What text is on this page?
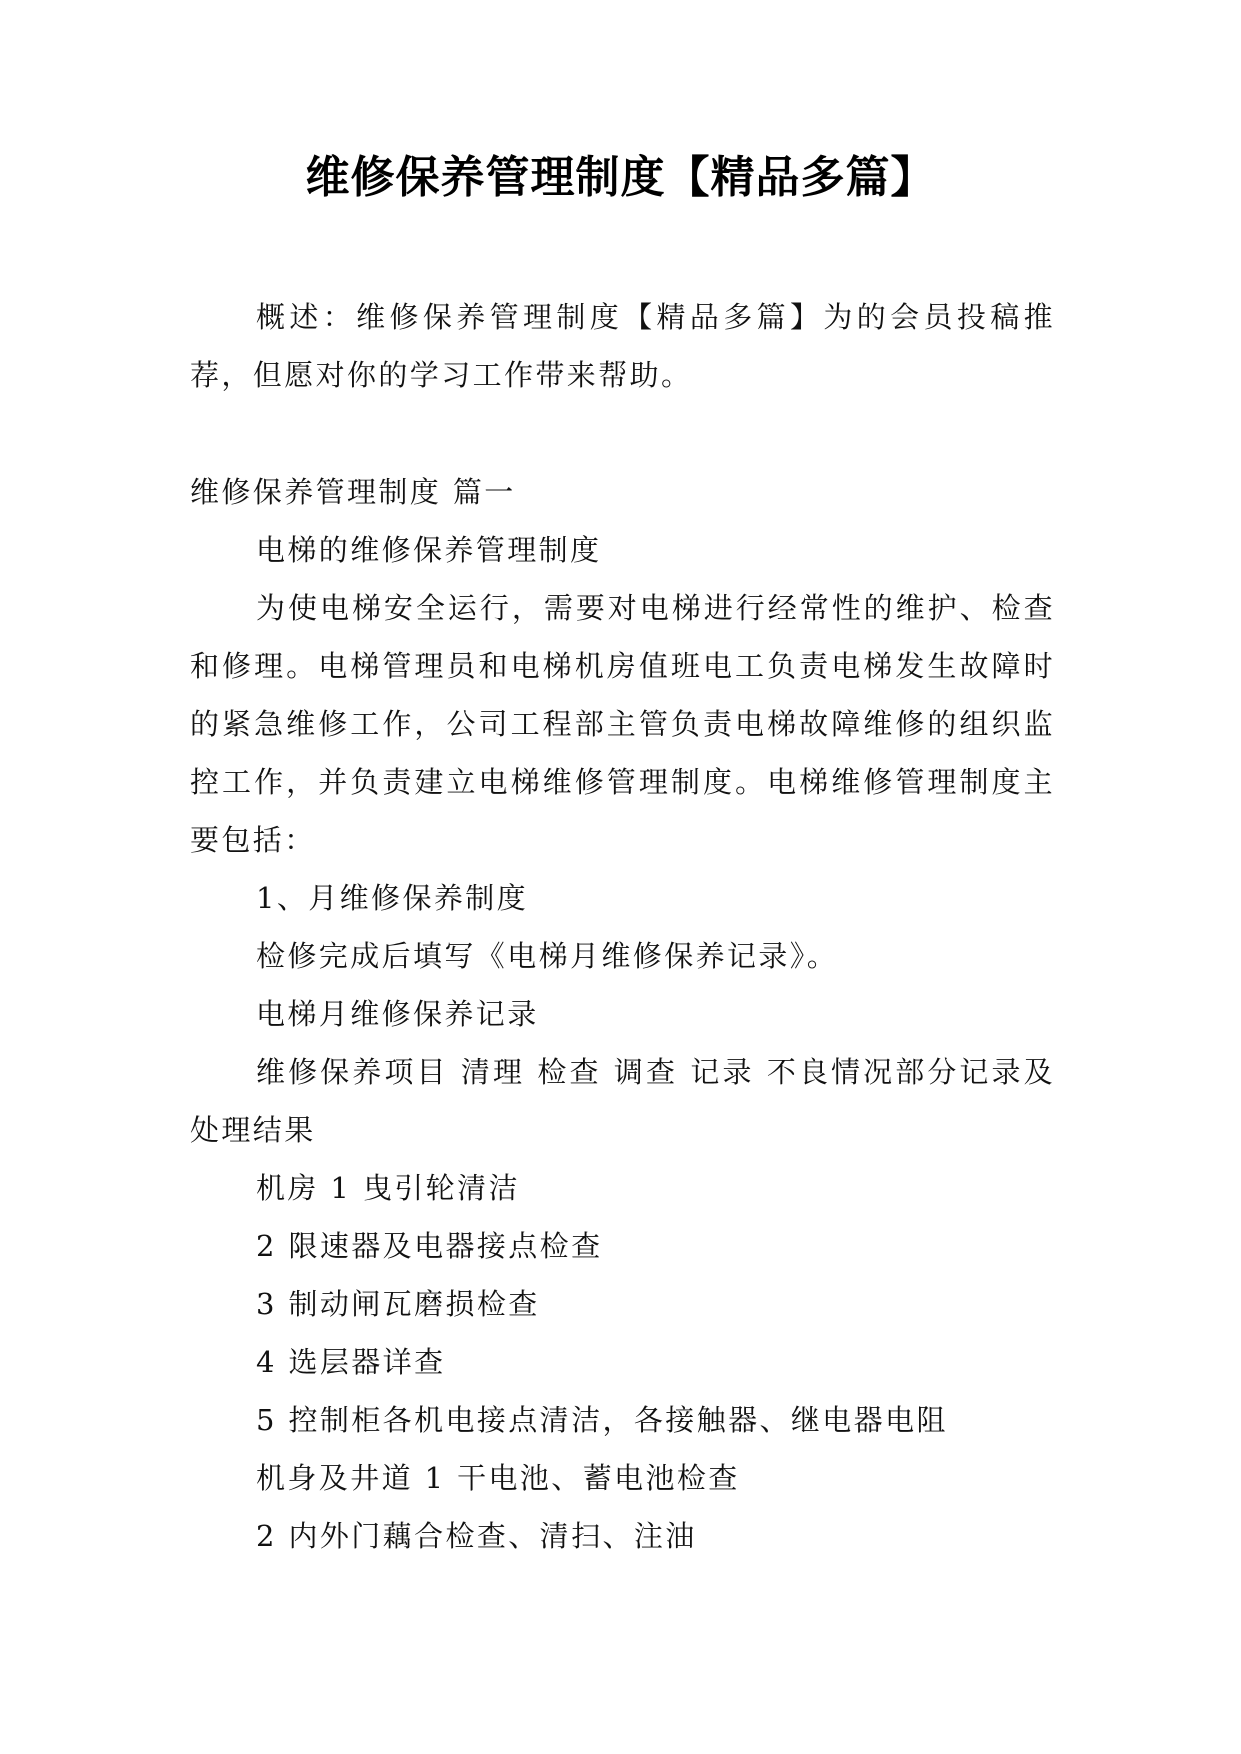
维修保养管理制度【精品多篇】

概述：维修保养管理制度【精品多篇】为的会员投稿推荐，但愿对你的学习工作带来帮助。

维修保养管理制度 篇一

电梯的维修保养管理制度

为使电梯安全运行，需要对电梯进行经常性的维护、检查和修理。电梯管理员和电梯机房值班电工负责电梯发生故障时的紧急维修工作，公司工程部主管负责电梯故障维修的组织监控工作，并负责建立电梯维修管理制度。电梯维修管理制度主要包括：

1、月维修保养制度

检修完成后填写《电梯月维修保养记录》。

电梯月维修保养记录

维修保养项目 清理 检查 调查 记录 不良情况部分记录及处理结果

机房 1 曳引轮清洁

2 限速器及电器接点检查

3 制动闸瓦磨损检查

4 选层器详查

5 控制柜各机电接点清洁，各接触器、继电器电阻

机身及井道 1 干电池、蓄电池检查

2 内外门藕合检查、清扫、注油
